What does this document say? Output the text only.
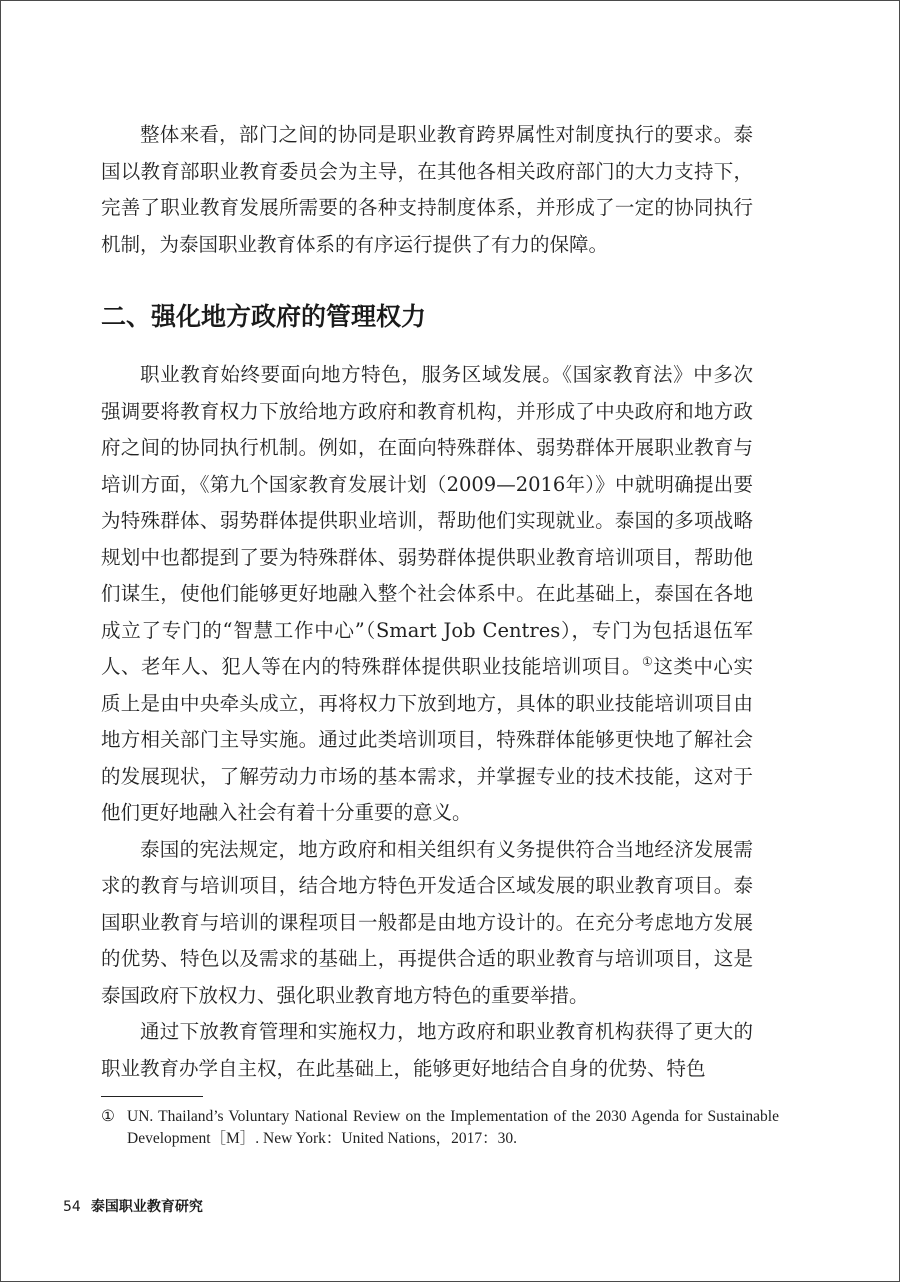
整体来看，部门之间的协同是职业教育跨界属性对制度执行的要求。泰国以教育部职业教育委员会为主导，在其他各相关政府部门的大力支持下，完善了职业教育发展所需要的各种支持制度体系，并形成了一定的协同执行机制，为泰国职业教育体系的有序运行提供了有力的保障。

二、强化地方政府的管理权力

职业教育始终要面向地方特色，服务区域发展。《国家教育法》中多次强调要将教育权力下放给地方政府和教育机构，并形成了中央政府和地方政府之间的协同执行机制。例如，在面向特殊群体、弱势群体开展职业教育与培训方面，《第九个国家教育发展计划（2009—2016年）》中就明确提出要为特殊群体、弱势群体提供职业培训，帮助他们实现就业。泰国的多项战略规划中也都提到了要为特殊群体、弱势群体提供职业教育培训项目，帮助他们谋生，使他们能够更好地融入整个社会体系中。在此基础上，泰国在各地成立了专门的“智慧工作中心”（Smart Job Centres），专门为包括退伍军人、老年人、犯人等在内的特殊群体提供职业技能培训项目。①这类中心实质上是由中央牵头成立，再将权力下放到地方，具体的职业技能培训项目由地方相关部门主导实施。通过此类培训项目，特殊群体能够更快地了解社会的发展现状，了解劳动力市场的基本需求，并掌握专业的技术技能，这对于他们更好地融入社会有着十分重要的意义。

泰国的宪法规定，地方政府和相关组织有义务提供符合当地经济发展需求的教育与培训项目，结合地方特色开发适合区域发展的职业教育项目。泰国职业教育与培训的课程项目一般都是由地方设计的。在充分考虑地方发展的优势、特色以及需求的基础上，再提供合适的职业教育与培训项目，这是泰国政府下放权力、强化职业教育地方特色的重要举措。

通过下放教育管理和实施权力，地方政府和职业教育机构获得了更大的职业教育办学自主权，在此基础上，能够更好地结合自身的优势、特色

① UN. Thailand’s Voluntary National Review on the Implementation of the 2030 Agenda for Sustainable Development［M］. New York：United Nations，2017：30.

54 泰国职业教育研究
